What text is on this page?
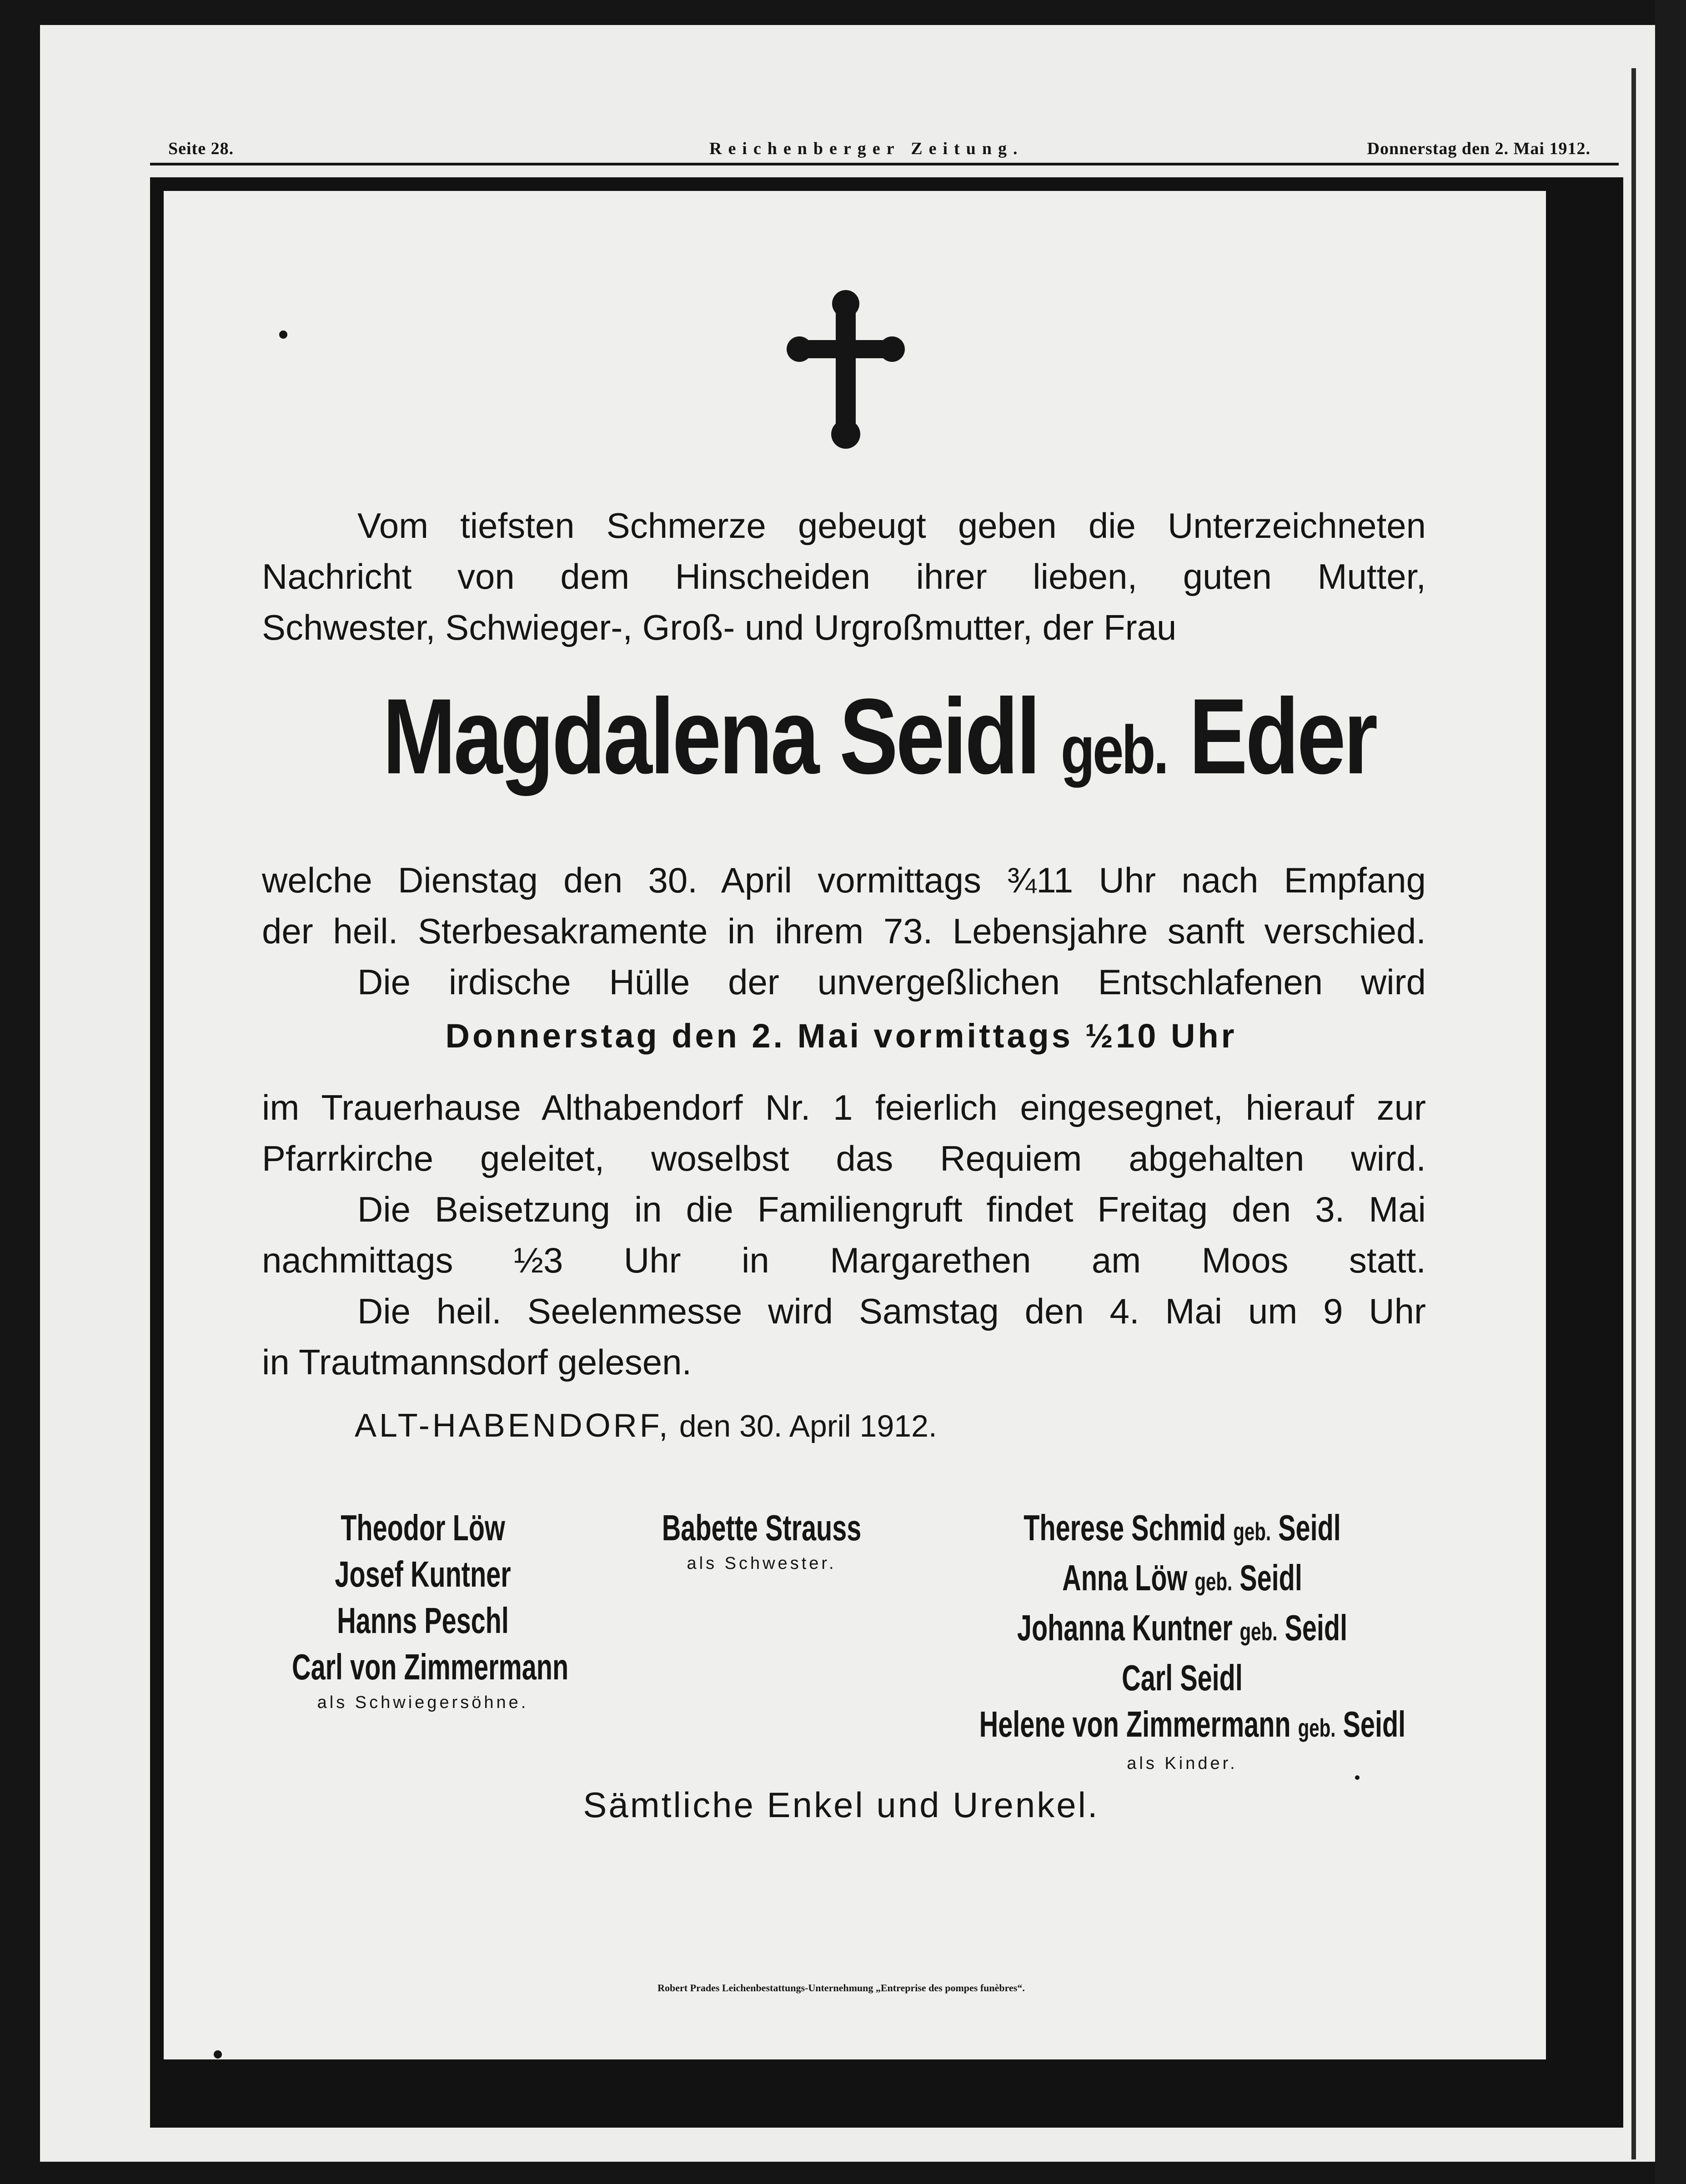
Seite 28.	Reichenberger Zeitung.	Donnerstag den 2. Mai 1912.
Vom tiefsten Schmerze gebeugt geben die Unterzeichneten
Nachricht von dem Hinscheiden ihrer lieben, guten Mutter,
Schwester, Schwieger-, Groß- und Urgroßmutter, der Frau
Magdalena Seidl geb. Eder
welche Dienstag den 30. April vormittags ¾11 Uhr nach Empfang
der heil. Sterbesakramente in ihrem 73. Lebensjahre sanft verschied.
Die irdische Hülle der unvergeßlichen Entschlafenen wird
Donnerstag den 2. Mai vormittags ½10 Uhr
im Trauerhause Althabendorf Nr. 1 feierlich eingesegnet, hierauf zur
Pfarrkirche geleitet, woselbst das Requiem abgehalten wird.
Die Beisetzung in die Familiengruft findet Freitag den 3. Mai
nachmittags ½3 Uhr in Margarethen am Moos statt.
Die heil. Seelenmesse wird Samstag den 4. Mai um 9 Uhr
in Trautmannsdorf gelesen.
ALT-HABENDORF, den 30. April 1912.
Theodor Löw
Josef Kuntner
Hanns Peschl
Carl von Zimmermann
als Schwiegersöhne.
Babette Strauss
als Schwester.
Therese Schmid geb. Seidl
Anna Löw geb. Seidl
Johanna Kuntner geb. Seidl
Carl Seidl
Helene von Zimmermann geb. Seidl
als Kinder.
Sämtliche Enkel und Urenkel.
Robert Prades Leichenbestattungs-Unternehmung „Entreprise des pompes funèbres“.
